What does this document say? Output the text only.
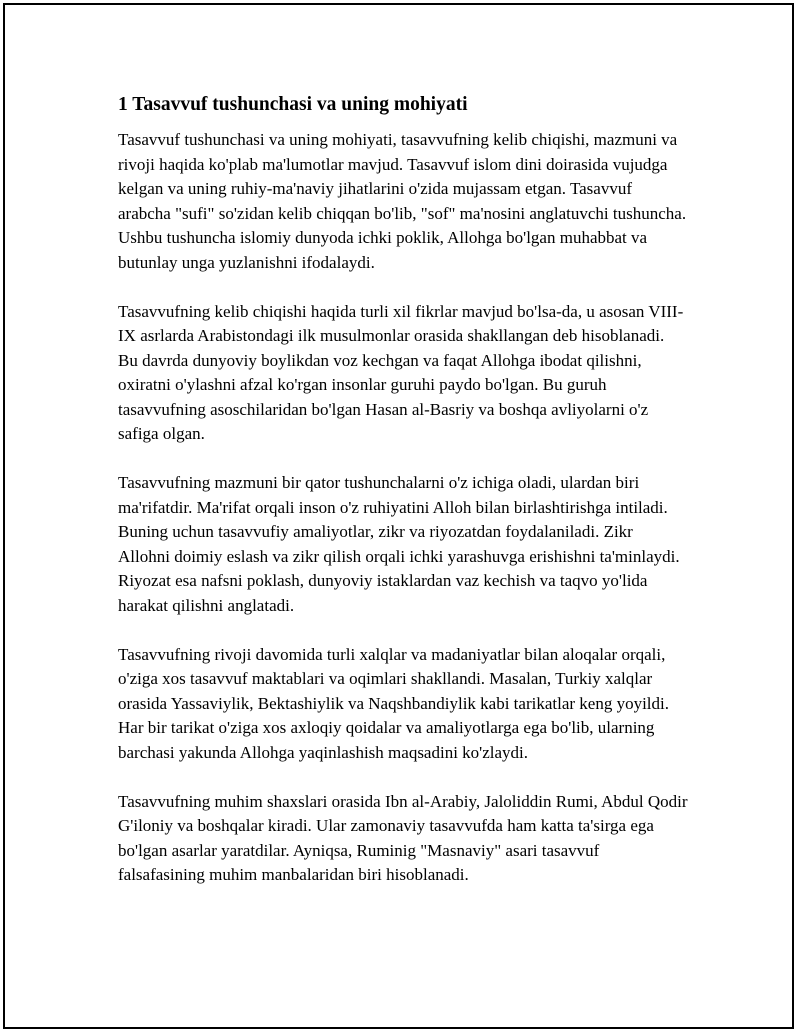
1 Tasavvuf tushunchasi va uning mohiyati

Tasavvuf tushunchasi va uning mohiyati, tasavvufning kelib chiqishi, mazmuni va rivoji haqida ko'plab ma'lumotlar mavjud. Tasavvuf islom dini doirasida vujudga kelgan va uning ruhiy-ma'naviy jihatlarini o'zida mujassam etgan. Tasavvuf arabcha "sufi" so'zidan kelib chiqqan bo'lib, "sof" ma'nosini anglatuvchi tushuncha. Ushbu tushuncha islomiy dunyoda ichki poklik, Allohga bo'lgan muhabbat va butunlay unga yuzlanishni ifodalaydi.

Tasavvufning kelib chiqishi haqida turli xil fikrlar mavjud bo'lsa-da, u asosan VIII-IX asrlarda Arabistondagi ilk musulmonlar orasida shakllangan deb hisoblanadi. Bu davrda dunyoviy boylikdan voz kechgan va faqat Allohga ibodat qilishni, oxiratni o'ylashni afzal ko'rgan insonlar guruhi paydo bo'lgan. Bu guruh tasavvufning asoschilaridan bo'lgan Hasan al-Basriy va boshqa avliyolarni o'z safiga olgan.

Tasavvufning mazmuni bir qator tushunchalarni o'z ichiga oladi, ulardan biri ma'rifatdir. Ma'rifat orqali inson o'z ruhiyatini Alloh bilan birlashtirishga intiladi. Buning uchun tasavvufiy amaliyotlar, zikr va riyozatdan foydalaniladi. Zikr Allohni doimiy eslash va zikr qilish orqali ichki yarashuvga erishishni ta'minlaydi. Riyozat esa nafsni poklash, dunyoviy istaklardan vaz kechish va taqvo yo'lida harakat qilishni anglatadi.

Tasavvufning rivoji davomida turli xalqlar va madaniyatlar bilan aloqalar orqali, o'ziga xos tasavvuf maktablari va oqimlari shakllandi. Masalan, Turkiy xalqlar orasida Yassaviylik, Bektashiylik va Naqshbandiylik kabi tarikatlar keng yoyildi. Har bir tarikat o'ziga xos axloqiy qoidalar va amaliyotlarga ega bo'lib, ularning barchasi yakunda Allohga yaqinlashish maqsadini ko'zlaydi.

Tasavvufning muhim shaxslari orasida Ibn al-Arabiy, Jaloliddin Rumi, Abdul Qodir G'iloniy va boshqalar kiradi. Ular zamonaviy tasavvufda ham katta ta'sirga ega bo'lgan asarlar yaratdilar. Ayniqsa, Ruminig "Masnaviy" asari tasavvuf falsafasining muhim manbalaridan biri hisoblanadi.
